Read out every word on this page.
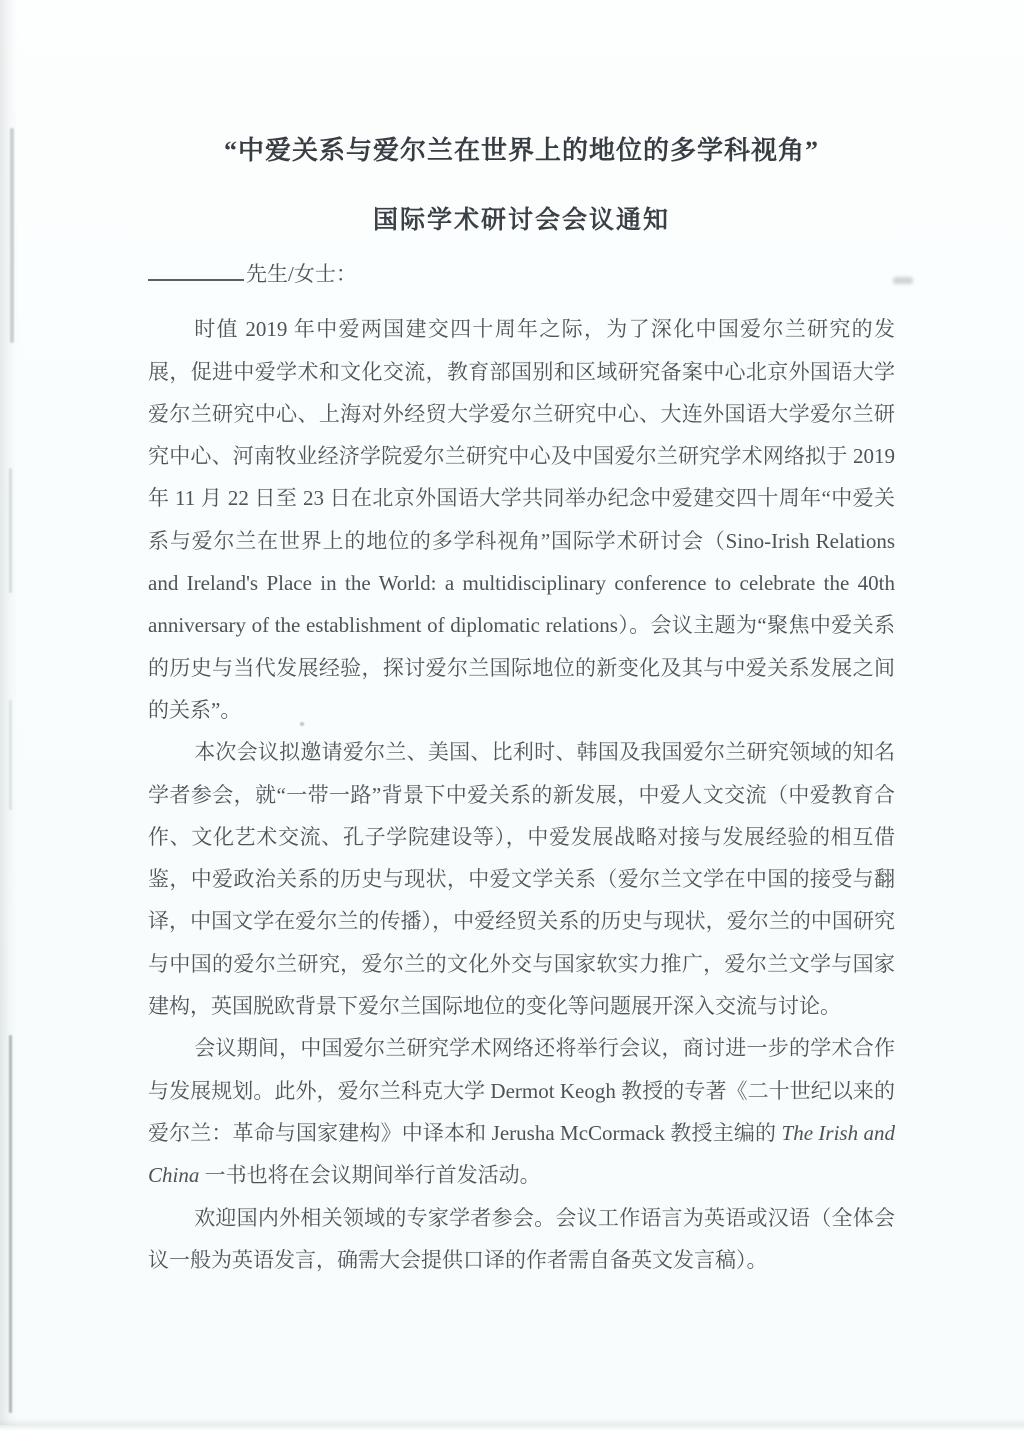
“中爱关系与爱尔兰在世界上的地位的多学科视角”
国际学术研讨会会议通知
先生/女士：

时值 2019 年中爱两国建交四十周年之际，为了深化中国爱尔兰研究的发展，促进中爱学术和文化交流，教育部国别和区域研究备案中心北京外国语大学爱尔兰研究中心、上海对外经贸大学爱尔兰研究中心、大连外国语大学爱尔兰研究中心、河南牧业经济学院爱尔兰研究中心及中国爱尔兰研究学术网络拟于 2019 年 11 月 22 日至 23 日在北京外国语大学共同举办纪念中爱建交四十周年“中爱关系与爱尔兰在世界上的地位的多学科视角”国际学术研讨会（Sino-Irish Relations and Ireland's Place in the World: a multidisciplinary conference to celebrate the 40th anniversary of the establishment of diplomatic relations）。会议主题为“聚焦中爱关系的历史与当代发展经验，探讨爱尔兰国际地位的新变化及其与中爱关系发展之间的关系”。

本次会议拟邀请爱尔兰、美国、比利时、韩国及我国爱尔兰研究领域的知名学者参会，就“一带一路”背景下中爱关系的新发展，中爱人文交流（中爱教育合作、文化艺术交流、孔子学院建设等），中爱发展战略对接与发展经验的相互借鉴，中爱政治关系的历史与现状，中爱文学关系（爱尔兰文学在中国的接受与翻译，中国文学在爱尔兰的传播），中爱经贸关系的历史与现状，爱尔兰的中国研究与中国的爱尔兰研究，爱尔兰的文化外交与国家软实力推广，爱尔兰文学与国家建构，英国脱欧背景下爱尔兰国际地位的变化等问题展开深入交流与讨论。

会议期间，中国爱尔兰研究学术网络还将举行会议，商讨进一步的学术合作与发展规划。此外，爱尔兰科克大学 Dermot Keogh 教授的专著《二十世纪以来的爱尔兰：革命与国家建构》中译本和 Jerusha McCormack 教授主编的 The Irish and China 一书也将在会议期间举行首发活动。

欢迎国内外相关领域的专家学者参会。会议工作语言为英语或汉语（全体会议一般为英语发言，确需大会提供口译的作者需自备英文发言稿）。
